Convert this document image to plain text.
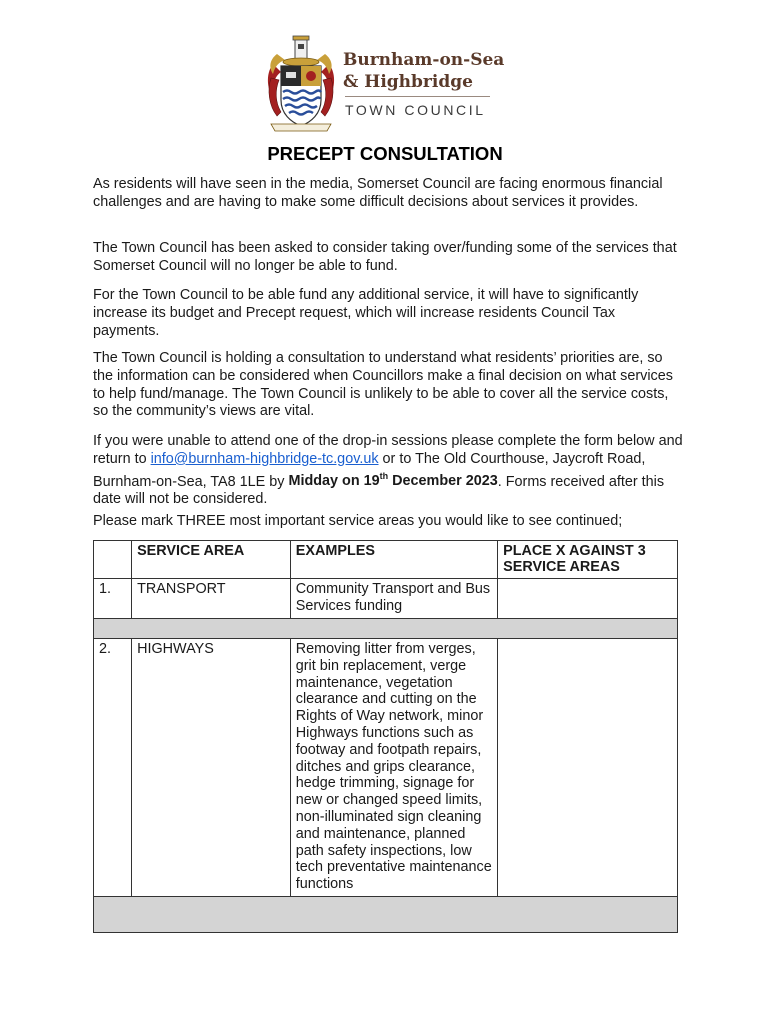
Burnham-on-Sea
& Highbridge
TOWN COUNCIL
PRECEPT CONSULTATION
As residents will have seen in the media, Somerset Council are facing enormous financial challenges and are having to make some difficult decisions about services it provides.
The Town Council has been asked to consider taking over/funding some of the services that Somerset Council will no longer be able to fund.
For the Town Council to be able fund any additional service, it will have to significantly increase its budget and Precept request, which will increase residents Council Tax payments.
The Town Council is holding a consultation to understand what residents’ priorities are, so the information can be considered when Councillors make a final decision on what services to help fund/manage. The Town Council is unlikely to be able to cover all the service costs, so the community’s views are vital.
If you were unable to attend one of the drop-in sessions please complete the form below and return to info@burnham-highbridge-tc.gov.uk or to The Old Courthouse, Jaycroft Road, Burnham-on-Sea, TA8 1LE by Midday on 19th December 2023. Forms received after this date will not be considered.
Please mark THREE most important service areas you would like to see continued;
	SERVICE AREA	EXAMPLES	PLACE X AGAINST 3 SERVICE AREAS
1.	TRANSPORT	Community Transport and Bus Services funding	

2.	HIGHWAYS	Removing litter from verges, grit bin replacement, verge maintenance, vegetation clearance and cutting on the Rights of Way network, minor Highways functions such as footway and footpath repairs, ditches and grips clearance, hedge trimming, signage for new or changed speed limits, non-illuminated sign cleaning and maintenance, planned path safety inspections, low tech preventative maintenance functions	
